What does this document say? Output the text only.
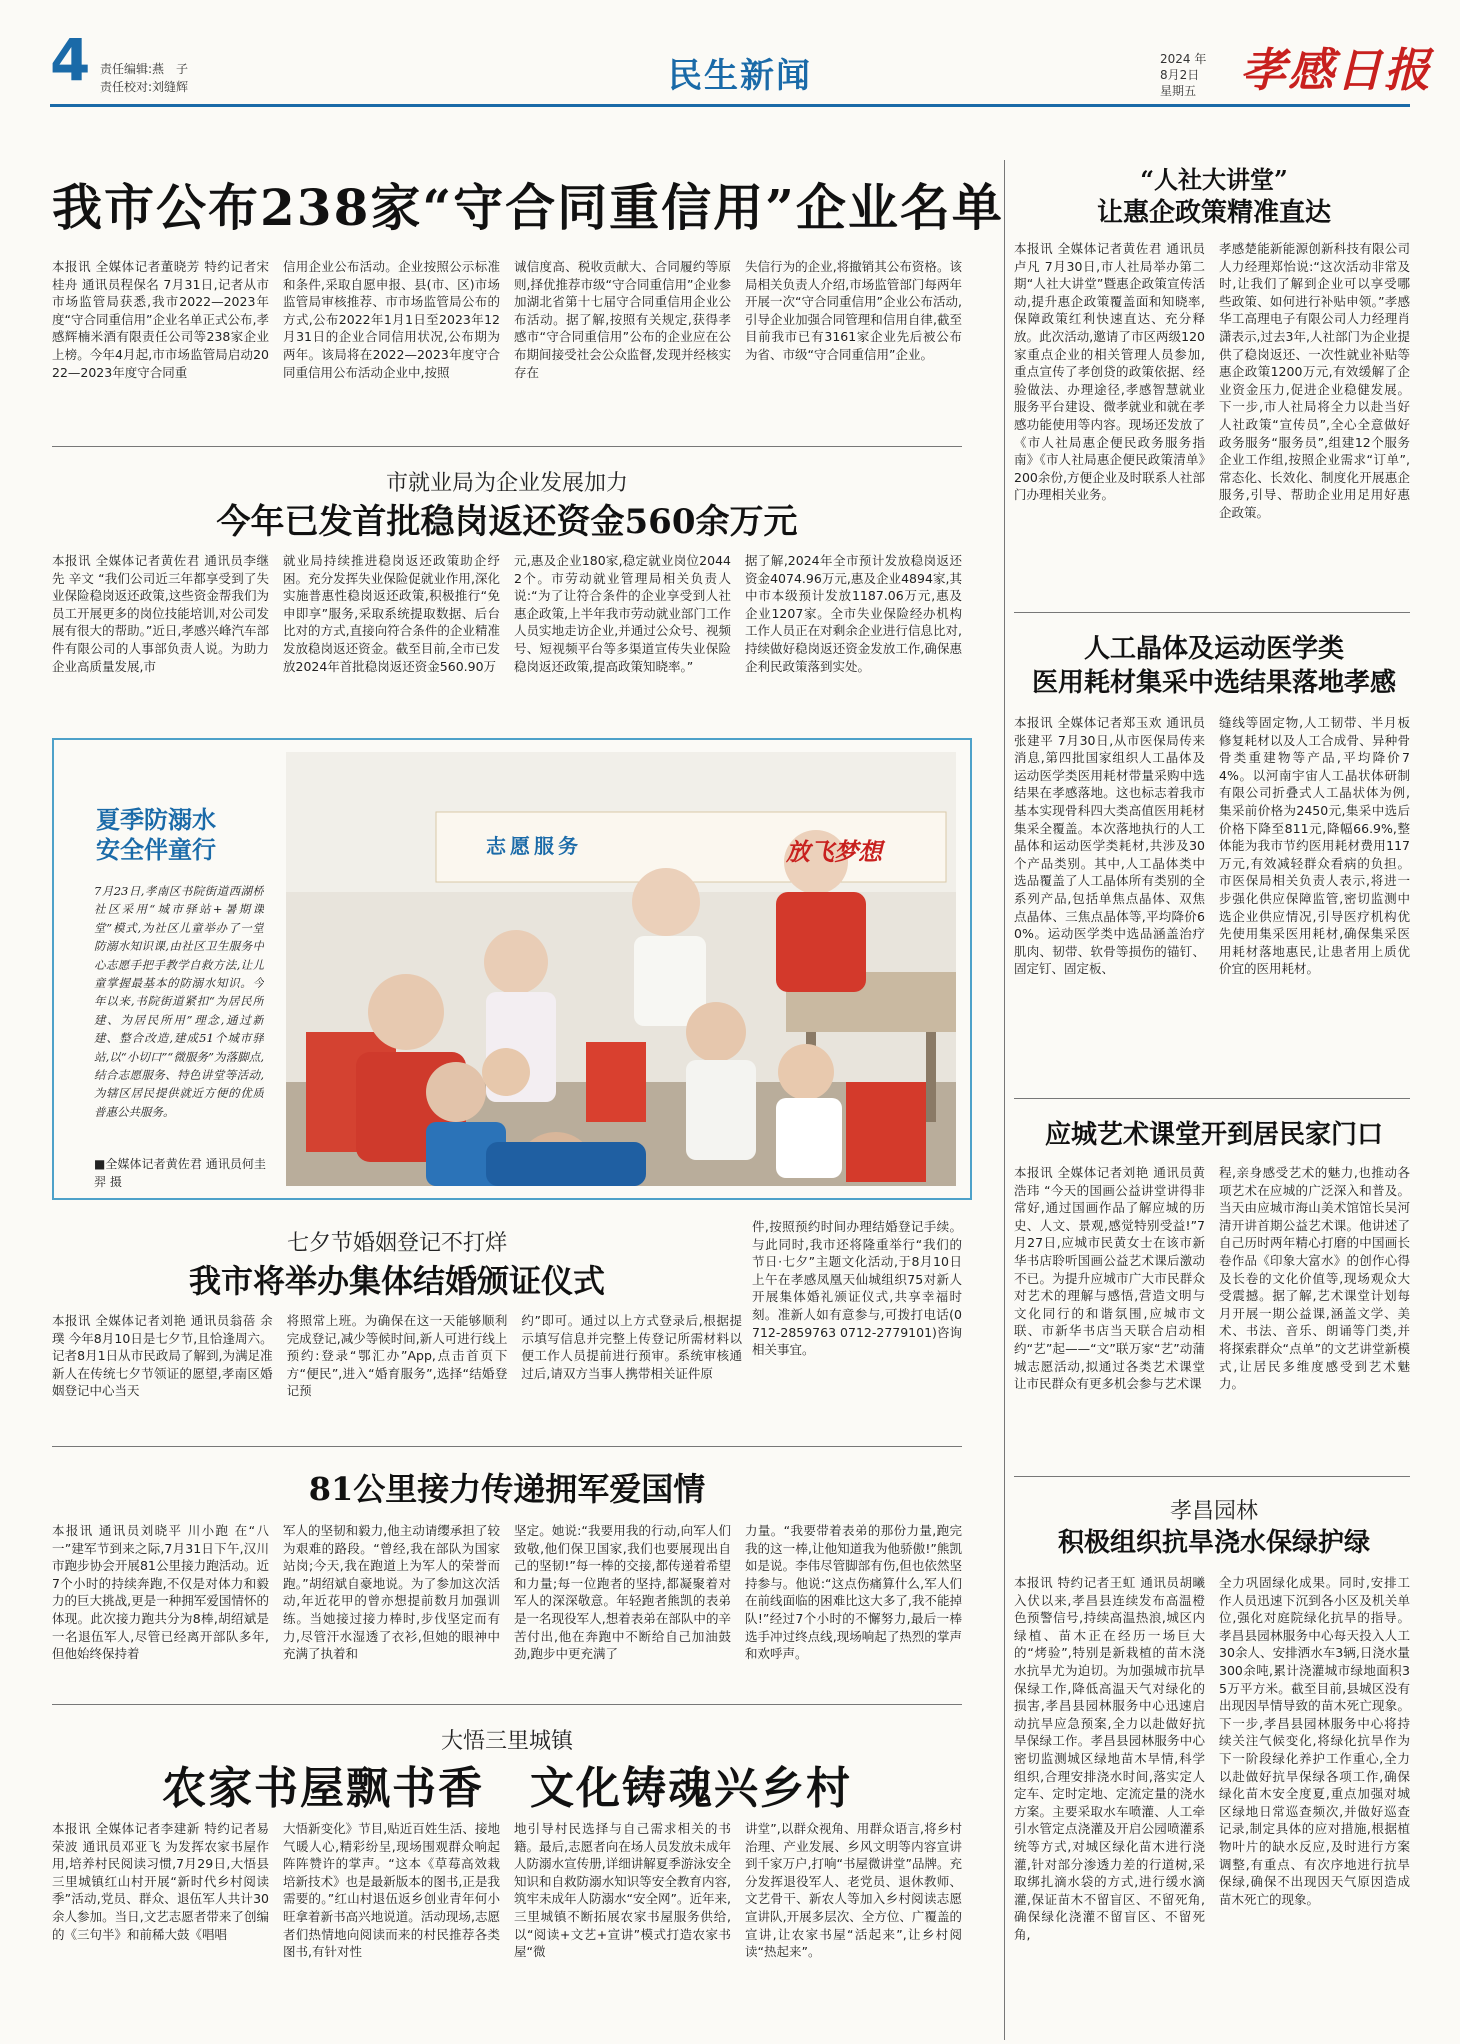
4 责任编辑:燕　子
责任校对:刘缝辉	民生新闻	2024 年
8月2日
星期五 孝感日报
我市公布238家“守合同重信用”企业名单
本报讯 全媒体记者董晓芳 特约记者宋桂舟 通讯员程保名 7月31日,记者从市市场监管局获悉,我市2022—2023年度“守合同重信用”企业名单正式公布,孝感辉楠米酒有限责任公司等238家企业上榜。今年4月起,市市场监管局启动2022—2023年度守合同重
信用企业公布活动。企业按照公示标准和条件,采取自愿申报、县(市、区)市场监管局审核推荐、市市场监管局公布的方式,公布2022年1月1日至2023年12月31日的企业合同信用状况,公布期为两年。该局将在2022—2023年度守合同重信用公布活动企业中,按照
诚信度高、税收贡献大、合同履约等原则,择优推荐市级“守合同重信用”企业参加湖北省第十七届守合同重信用企业公布活动。据了解,按照有关规定,获得孝感市“守合同重信用”公布的企业应在公布期间接受社会公众监督,发现并经核实存在
失信行为的企业,将撤销其公布资格。该局相关负责人介绍,市场监管部门每两年开展一次“守合同重信用”企业公布活动,引导企业加强合同管理和信用自律,截至目前我市已有3161家企业先后被公布为省、市级“守合同重信用”企业。
市就业局为企业发展加力
今年已发首批稳岗返还资金560余万元
本报讯 全媒体记者黄佐君 通讯员李继先 辛文 “我们公司近三年都享受到了失业保险稳岗返还政策,这些资金帮我们为员工开展更多的岗位技能培训,对公司发展有很大的帮助。”近日,孝感兴峰汽车部件有限公司的人事部负责人说。为助力企业高质量发展,市
就业局持续推进稳岗返还政策助企纾困。充分发挥失业保险促就业作用,深化实施普惠性稳岗返还政策,积极推行“免申即享”服务,采取系统提取数据、后台比对的方式,直接向符合条件的企业精准发放稳岗返还资金。截至目前,全市已发放2024年首批稳岗返还资金560.90万
元,惠及企业180家,稳定就业岗位20442个。市劳动就业管理局相关负责人说:“为了让符合条件的企业享受到人社惠企政策,上半年我市劳动就业部门工作人员实地走访企业,并通过公众号、视频号、短视频平台等多渠道宣传失业保险稳岗返还政策,提高政策知晓率。”
据了解,2024年全市预计发放稳岗返还资金4074.96万元,惠及企业4894家,其中市本级预计发放1187.06万元,惠及企业1207家。全市失业保险经办机构工作人员正在对剩余企业进行信息比对,持续做好稳岗返还资金发放工作,确保惠企利民政策落到实处。
夏季防溺水
安全伴童行
7月23日,孝南区书院街道西湖桥社区采用“城市驿站+暑期课堂”模式,为社区儿童举办了一堂防溺水知识课,由社区卫生服务中心志愿手把手教学自救方法,让儿童掌握最基本的防溺水知识。今年以来,书院街道紧扣“为居民所建、为居民所用”理念,通过新建、整合改造,建成51个城市驿站,以“小切口”“微服务”为落脚点,结合志愿服务、特色讲堂等活动,为辖区居民提供就近方便的优质普惠公共服务。
■全媒体记者黄佐君 通讯员何圭羿 摄
志愿服务	放飞梦想
七夕节婚姻登记不打烊
我市将举办集体结婚颁证仪式
本报讯 全媒体记者刘艳 通讯员翁蓓 余璞 今年8月10日是七夕节,且恰逢周六。记者8月1日从市民政局了解到,为满足准新人在传统七夕节领证的愿望,孝南区婚姻登记中心当天
将照常上班。为确保在这一天能够顺利完成登记,减少等候时间,新人可进行线上预约:登录“鄂汇办”App,点击首页下方“便民”,进入“婚育服务”,选择“结婚登记预
约”即可。通过以上方式登录后,根据提示填写信息并完整上传登记所需材料以便工作人员提前进行预审。系统审核通过后,请双方当事人携带相关证件原
件,按照预约时间办理结婚登记手续。与此同时,我市还将隆重举行“我们的节日·七夕”主题文化活动,于8月10日上午在孝感凤凰天仙城组织75对新人开展集体婚礼颁证仪式,共享幸福时刻。准新人如有意参与,可拨打电话(0712-2859763 0712-2779101)咨询相关事宜。
81公里接力传递拥军爱国情
本报讯 通讯员刘晓平 川小跑 在“八一”建军节到来之际,7月31日下午,汉川市跑步协会开展81公里接力跑活动。近7个小时的持续奔跑,不仅是对体力和毅力的巨大挑战,更是一种拥军爱国情怀的体现。此次接力跑共分为8棒,胡绍斌是一名退伍军人,尽管已经离开部队多年,但他始终保持着
军人的坚韧和毅力,他主动请缨承担了较为艰难的路段。“曾经,我在部队为国家站岗;今天,我在跑道上为军人的荣誉而跑。”胡绍斌自豪地说。为了参加这次活动,年近花甲的曾亦想提前数月加强训练。当她接过接力棒时,步伐坚定而有力,尽管汗水湿透了衣衫,但她的眼神中充满了执着和
坚定。她说:“我要用我的行动,向军人们致敬,他们保卫国家,我们也要展现出自己的坚韧!”每一棒的交接,都传递着希望和力量;每一位跑者的坚持,都凝聚着对军人的深深敬意。年轻跑者熊凯的表弟是一名现役军人,想着表弟在部队中的辛苦付出,他在奔跑中不断给自己加油鼓劲,跑步中更充满了
力量。“我要带着表弟的那份力量,跑完我的这一棒,让他知道我为他骄傲!”熊凯如是说。李伟尽管脚部有伤,但也依然坚持参与。他说:“这点伤痛算什么,军人们在前线面临的困难比这大多了,我不能掉队!”经过7个小时的不懈努力,最后一棒选手冲过终点线,现场响起了热烈的掌声和欢呼声。
大悟三里城镇
农家书屋飘书香　文化铸魂兴乡村
本报讯 全媒体记者李建新 特约记者易荣波 通讯员邓亚飞 为发挥农家书屋作用,培养村民阅读习惯,7月29日,大悟县三里城镇红山村开展“新时代乡村阅读季”活动,党员、群众、退伍军人共计30余人参加。当日,文艺志愿者带来了创编的《三句半》和前稀大鼓《唱唱
大悟新变化》节目,贴近百姓生活、接地气暖人心,精彩纷呈,现场围观群众响起阵阵赞许的掌声。“这本《草莓高效栽培新技术》也是最新版本的图书,正是我需要的。”红山村退伍返乡创业青年何小旺拿着新书高兴地说道。活动现场,志愿者们热情地向阅读而来的村民推荐各类图书,有针对性
地引导村民选择与自己需求相关的书籍。最后,志愿者向在场人员发放未成年人防溺水宣传册,详细讲解夏季游泳安全知识和自救防溺水知识等安全教育内容,筑牢未成年人防溺水“安全网”。近年来,三里城镇不断拓展农家书屋服务供给,以“阅读+文艺+宣讲”模式打造农家书屋“微
讲堂”,以群众视角、用群众语言,将乡村治理、产业发展、乡风文明等内容宣讲到千家万户,打响“书屋微讲堂”品牌。充分发挥退役军人、老党员、退休教师、文艺骨干、新农人等加入乡村阅读志愿宣讲队,开展多层次、全方位、广覆盖的宣讲,让农家书屋“活起来”,让乡村阅读“热起来”。
“人社大讲堂”
让惠企政策精准直达
本报讯 全媒体记者黄佐君 通讯员卢凡 7月30日,市人社局举办第二期“人社大讲堂”暨惠企政策宣传活动,提升惠企政策覆盖面和知晓率,保障政策红利快速直达、充分释放。此次活动,邀请了市区两级120家重点企业的相关管理人员参加,重点宣传了孝创贷的政策依据、经验做法、办理途径,孝感智慧就业服务平台建设、微孝就业和就在孝感功能使用等内容。现场还发放了《市人社局惠企便民政务服务指南》《市人社局惠企便民政策清单》200余份,方便企业及时联系人社部门办理相关业务。
孝感楚能新能源创新科技有限公司人力经理郑怡说:“这次活动非常及时,让我们了解到企业可以享受哪些政策、如何进行补贴申领。”孝感华工高理电子有限公司人力经理肖潇表示,过去3年,人社部门为企业提供了稳岗返还、一次性就业补贴等惠企政策1200万元,有效缓解了企业资金压力,促进企业稳健发展。下一步,市人社局将全力以赴当好人社政策“宣传员”,全心全意做好政务服务“服务员”,组建12个服务企业工作组,按照企业需求“订单”,常态化、长效化、制度化开展惠企服务,引导、帮助企业用足用好惠企政策。
人工晶体及运动医学类
医用耗材集采中选结果落地孝感
本报讯 全媒体记者郑玉欢 通讯员张建平 7月30日,从市医保局传来消息,第四批国家组织人工晶体及运动医学类医用耗材带量采购中选结果在孝感落地。这也标志着我市基本实现骨科四大类高值医用耗材集采全覆盖。本次落地执行的人工晶体和运动医学类耗材,共涉及30个产品类别。其中,人工晶体类中选品覆盖了人工晶体所有类别的全系列产品,包括单焦点晶体、双焦点晶体、三焦点晶体等,平均降价60%。运动医学类中选品涵盖治疗肌肉、韧带、软骨等损伤的锚钉、固定钉、固定板、
缝线等固定物,人工韧带、半月板修复耗材以及人工合成骨、异种骨骨类重建物等产品,平均降价74%。以河南宇宙人工晶状体研制有限公司折叠式人工晶状体为例,集采前价格为2450元,集采中选后价格下降至811元,降幅66.9%,整体能为我市节约医用耗材费用117万元,有效减轻群众看病的负担。市医保局相关负责人表示,将进一步强化供应保障监管,密切监测中选企业供应情况,引导医疗机构优先使用集采医用耗材,确保集采医用耗材落地惠民,让患者用上质优价宜的医用耗材。
应城艺术课堂开到居民家门口
本报讯 全媒体记者刘艳 通讯员黄浩玮 “今天的国画公益讲堂讲得非常好,通过国画作品了解应城的历史、人文、景观,感觉特别受益!”7月27日,应城市民黄女士在该市新华书店聆听国画公益艺术课后激动不已。为提升应城市广大市民群众对艺术的理解与感悟,营造文明与文化同行的和谐氛围,应城市文联、市新华书店当天联合启动相约“艺”起——“文”联万家“艺”动蒲城志愿活动,拟通过各类艺术课堂让市民群众有更多机会参与艺术课
程,亲身感受艺术的魅力,也推动各项艺术在应城的广泛深入和普及。当天由应城市海山美术馆馆长吴河清开讲首期公益艺术课。他讲述了自己历时两年精心打磨的中国画长卷作品《印象大富水》的创作心得及长卷的文化价值等,现场观众大受震撼。据了解,艺术课堂计划每月开展一期公益课,涵盖文学、美术、书法、音乐、朗诵等门类,并将探索群众“点单”的文艺讲堂新模式,让居民多维度感受到艺术魅力。
孝昌园林
积极组织抗旱浇水保绿护绿
本报讯 特约记者王虹 通讯员胡曦 入伏以来,孝昌县连续发布高温橙色预警信号,持续高温热浪,城区内绿植、苗木正在经历一场巨大的“烤验”,特别是新栽植的苗木浇水抗旱尤为迫切。为加强城市抗旱保绿工作,降低高温天气对绿化的损害,孝昌县园林服务中心迅速启动抗旱应急预案,全力以赴做好抗旱保绿工作。孝昌县园林服务中心密切监测城区绿地苗木旱情,科学组织,合理安排浇水时间,落实定人定车、定时定地、定流定量的浇水方案。主要采取水车喷灌、人工牵引水管定点浇灌及开启公园喷灌系统等方式,对城区绿化苗木进行浇灌,针对部分渗透力差的行道树,采取绑扎滴水袋的方式,进行缓水滴灌,保证苗木不留盲区、不留死角,确保绿化浇灌不留盲区、不留死角,
全力巩固绿化成果。同时,安排工作人员迅速下沉到各小区及机关单位,强化对庭院绿化抗旱的指导。孝昌县园林服务中心每天投入人工30余人、安排洒水车3辆,日浇水量300余吨,累计浇灌城市绿地面积35万平方米。截至目前,县城区没有出现因旱情导致的苗木死亡现象。下一步,孝昌县园林服务中心将持续关注气候变化,将绿化抗旱作为下一阶段绿化养护工作重心,全力以赴做好抗旱保绿各项工作,确保绿化苗木安全度夏,重点加强对城区绿地日常巡查频次,并做好巡查记录,制定具体的应对措施,根据植物叶片的缺水反应,及时进行方案调整,有重点、有次序地进行抗旱保绿,确保不出现因天气原因造成苗木死亡的现象。
